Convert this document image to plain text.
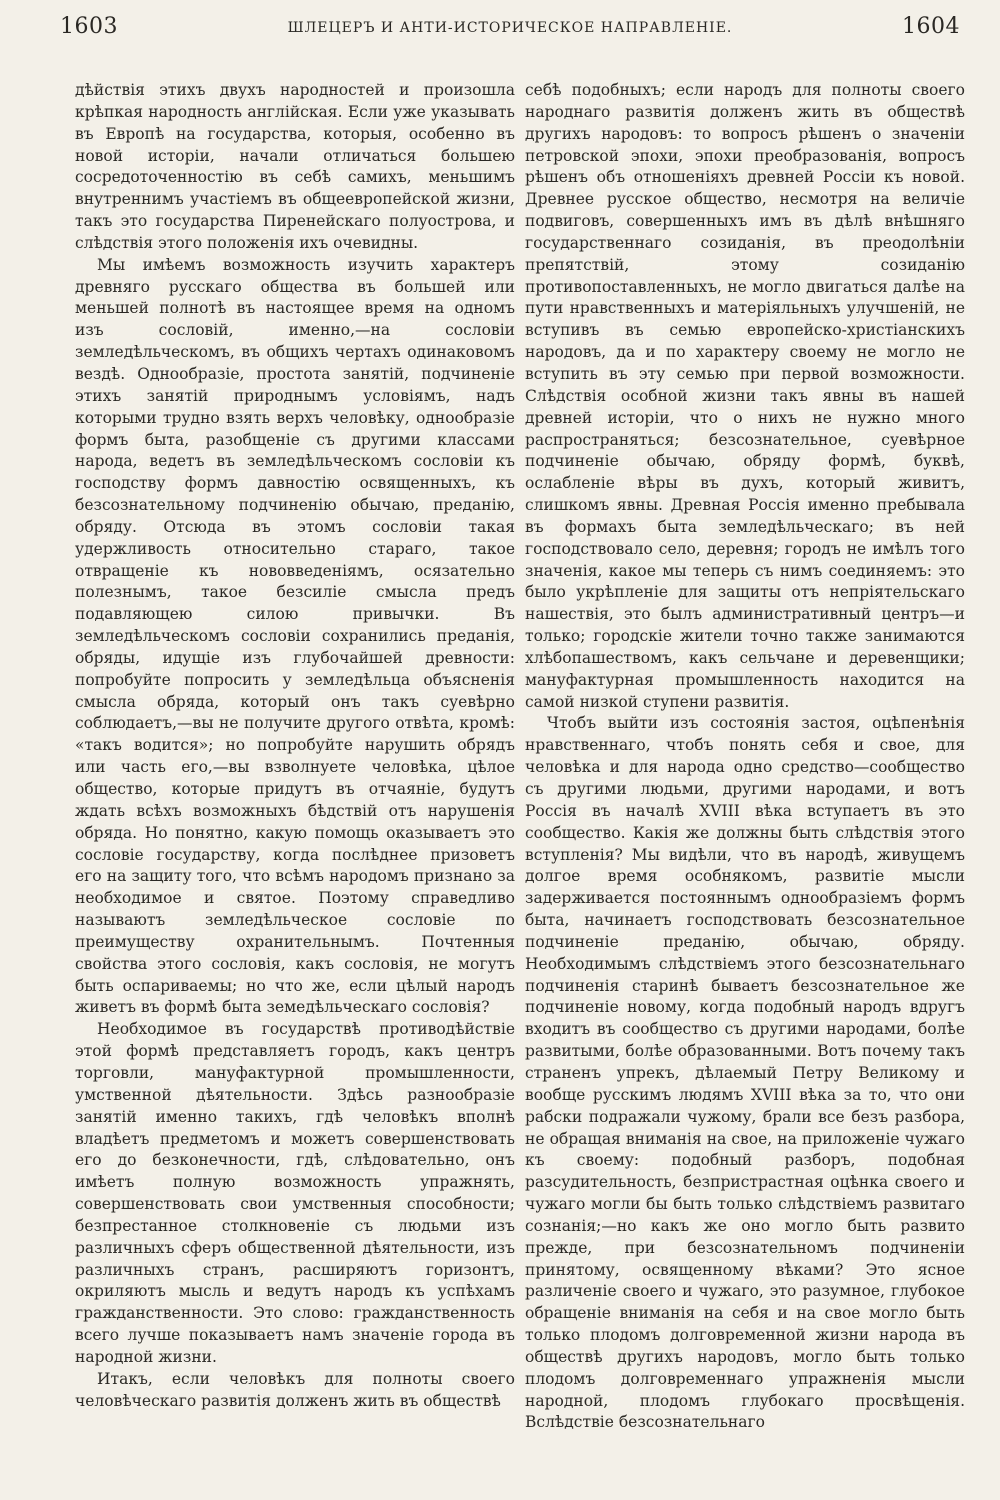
1603	ШЛЕЦЕРЪ И АНТИ-ИСТОРИЧЕСКОЕ НАПРАВЛЕНІЕ.	1604

дѣйствія этихъ двухъ народностей и произошла крѣпкая народность англійская. Если уже указывать въ Европѣ на государства, которыя, особенно въ новой исторіи, начали отличаться большею сосредоточенностію въ себѣ самихъ, меньшимъ внутреннимъ участіемъ въ общеевропейской жизни, такъ это государства Пиренейскаго полуострова, и слѣдствія этого положенія ихъ очевидны.

Мы имѣемъ возможность изучить характеръ древняго русскаго общества въ большей или меньшей полнотѣ въ настоящее время на одномъ изъ сословій, именно,—на сословіи земледѣльческомъ, въ общихъ чертахъ одинаковомъ вездѣ. Однообразіе, простота занятій, подчиненіе этихъ занятій природнымъ условіямъ, надъ которыми трудно взять верхъ человѣку, однообразіе формъ быта, разобщеніе съ другими классами народа, ведетъ въ земледѣльческомъ сословіи къ господству формъ давностію освященныхъ, къ безсознательному подчиненію обычаю, преданію, обряду. Отсюда въ этомъ сословіи такая удержливость относительно стараго, такое отвращеніе къ нововведеніямъ, осязательно полезнымъ, такое безсиліе смысла предъ подавляющею силою привычки. Въ земледѣльческомъ сословіи сохранились преданія, обряды, идущіе изъ глубочайшей древности: попробуйте попросить у земледѣльца объясненія смысла обряда, который онъ такъ суевѣрно соблюдаетъ,—вы не получите другого отвѣта, кромѣ: «такъ водится»; но попробуйте нарушить обрядъ или часть его,—вы взволнуете человѣка, цѣлое общество, которые придутъ въ отчаяніе, будутъ ждать всѣхъ возможныхъ бѣдствій отъ нарушенія обряда. Но понятно, какую помощь оказываетъ это сословіе государству, когда послѣднее призоветъ его на защиту того, что всѣмъ народомъ признано за необходимое и святое. Поэтому справедливо называютъ земледѣльческое сословіе по преимуществу охранительнымъ. Почтенныя свойства этого сословія, какъ сословія, не могутъ быть оспариваемы; но что же, если цѣлый народъ живетъ въ формѣ быта земедѣльческаго сословія?

Необходимое въ государствѣ противодѣйствіе этой формѣ представляетъ городъ, какъ центръ торговли, мануфактурной промышленности, умственной дѣятельности. Здѣсь разнообразіе занятій именно такихъ, гдѣ человѣкъ вполнѣ владѣетъ предметомъ и можетъ совершенствовать его до безконечности, гдѣ, слѣдовательно, онъ имѣетъ полную возможность упражнять, совершенствовать свои умственныя способности; безпрестанное столкновеніе съ людьми изъ различныхъ сферъ общественной дѣятельности, изъ различныхъ странъ, расширяютъ горизонтъ, окриляютъ мысль и ведутъ народъ къ успѣхамъ гражданственности. Это слово: гражданственность всего лучше показываетъ намъ значеніе города въ народной жизни.

Итакъ, если человѣкъ для полноты своего человѣческаго развитія долженъ жить въ обществѣ

себѣ подобныхъ; если народъ для полноты своего народнаго развитія долженъ жить въ обществѣ другихъ народовъ: то вопросъ рѣшенъ о значеніи петровской эпохи, эпохи преобразованія, вопросъ рѣшенъ объ отношеніяхъ древней Россіи къ новой. Древнее русское общество, несмотря на величіе подвиговъ, совершенныхъ имъ въ дѣлѣ внѣшняго государственнаго созиданія, въ преодолѣніи препятствій, этому созиданію противопоставленныхъ, не могло двигаться далѣе на пути нравственныхъ и матеріяльныхъ улучшеній, не вступивъ въ семью европейско-христіанскихъ народовъ, да и по характеру своему не могло не вступить въ эту семью при первой возможности. Слѣдствія особной жизни такъ явны въ нашей древней исторіи, что о нихъ не нужно много распространяться; безсознательное, суевѣрное подчиненіе обычаю, обряду формѣ, буквѣ, ослабленіе вѣры въ духъ, который живитъ, слишкомъ явны. Древная Россія именно пребывала въ формахъ быта земледѣльческаго; въ ней господствовало село, деревня; городъ не имѣлъ того значенія, какое мы теперь съ нимъ соединяемъ: это было укрѣпленіе для защиты отъ непріятельскаго нашествія, это былъ административный центръ—и только; городскіе жители точно также занимаются хлѣбопашествомъ, какъ сельчане и деревенщики; мануфактурная промышленность находится на самой низкой ступени развитія.

Чтобъ выйти изъ состоянія застоя, оцѣпенѣнія нравственнаго, чтобъ понять себя и свое, для человѣка и для народа одно средство—сообщество съ другими людьми, другими народами, и вотъ Россія въ началѣ XVIII вѣка вступаетъ въ это сообщество. Какія же должны быть слѣдствія этого вступленія? Мы видѣли, что въ народѣ, живущемъ долгое время особнякомъ, развитіе мысли задерживается постояннымъ однообразіемъ формъ быта, начинаетъ господствовать безсознательное подчиненіе преданію, обычаю, обряду. Необходимымъ слѣдствіемъ этого безсознательнаго подчиненія старинѣ бываетъ безсознательное же подчиненіе новому, когда подобный народъ вдругъ входитъ въ сообщество съ другими народами, болѣе развитыми, болѣе образованными. Вотъ почему такъ страненъ упрекъ, дѣлаемый Петру Великому и вообще русскимъ людямъ XVIII вѣка за то, что они рабски подражали чужому, брали все безъ разбора, не обращая вниманія на свое, на приложеніе чужаго къ своему: подобный разборъ, подобная разсудительность, безпристрастная оцѣнка своего и чужаго могли бы быть только слѣдствіемъ развитаго сознанія;—но какъ же оно могло быть развито прежде, при безсознательномъ подчиненіи принятому, освященному вѣками? Это ясное различеніе своего и чужаго, это разумное, глубокое обращеніе вниманія на себя и на свое могло быть только плодомъ долговременной жизни народа въ обществѣ другихъ народовъ, могло быть только плодомъ долговременнаго упражненія мысли народной, плодомъ глубокаго просвѣщенія. Вслѣдствіе безсознательнаго
